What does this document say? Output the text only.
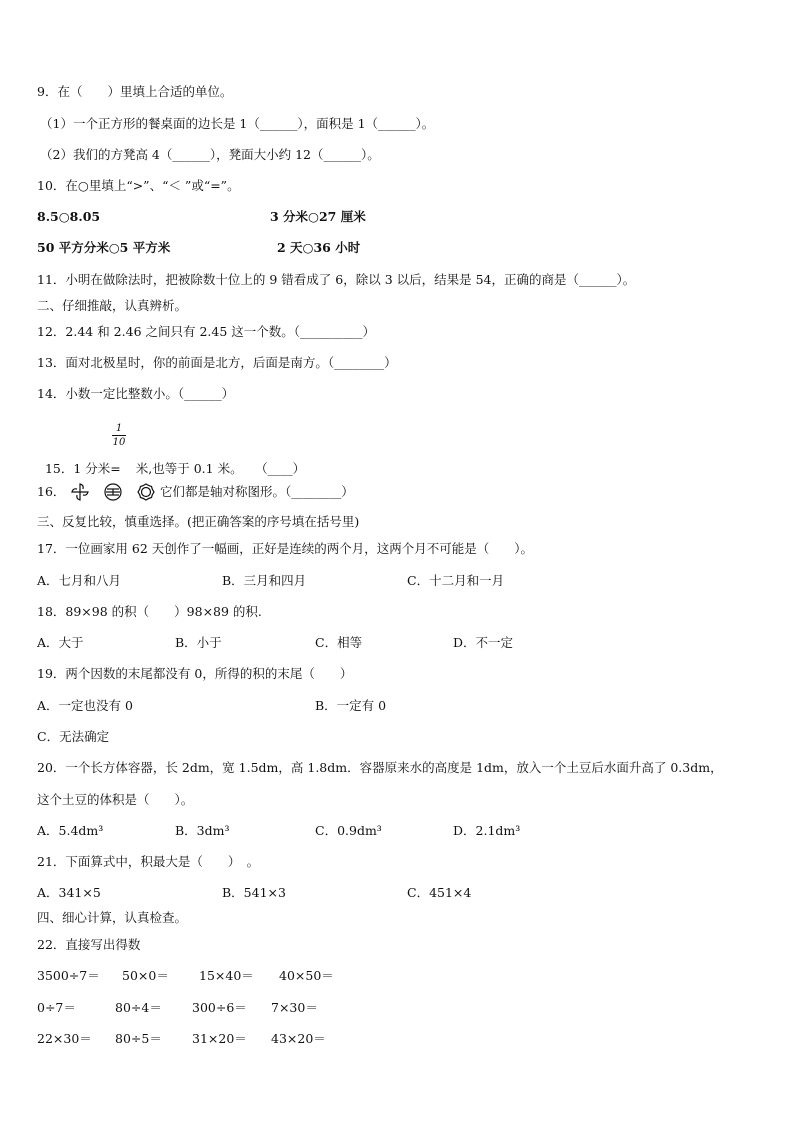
9．在（　　）里填上合适的单位。
（1）一个正方形的餐桌面的边长是 1（______），面积是 1（______）。
（2）我们的方凳高 4（______），凳面大小约 12（______）。
10．在○里填上“>”、“＜ ”或“=”。
8.5○8.05	3 分米○27 厘米
50 平方分米○5 平方米	2 天○36 小时
11．小明在做除法时，把被除数十位上的 9 错看成了 6，除以 3 以后，结果是 54，正确的商是（______）。
二、仔细推敲，认真辨析。
12．2.44 和 2.46 之间只有 2.45 这一个数。（__________）
13．面对北极星时，你的前面是北方，后面是南方。（________）
14．小数一定比整数小。（______）

15．1 分米= 米,也等于 0.1 米。　　（____）

1
10
16．	它们都是轴对称图形。（________）
三、反复比较，慎重选择。(把正确答案的序号填在括号里)
17．一位画家用 62 天创作了一幅画，正好是连续的两个月，这两个月不可能是（　　）。
A．七月和八月	B．三月和四月	C．十二月和一月
18．89×98 的积（　　）98×89 的积.
A．大于	B．小于	C．相等	D．不一定
19．两个因数的末尾都没有 0，所得的积的末尾（　　）
A．一定也没有 0	B．一定有 0
C．无法确定
20．一个长方体容器，长 2dm，宽 1.5dm，高 1.8dm．容器原来水的高度是 1dm，放入一个土豆后水面升高了 0.3dm，
这个土豆的体积是（　　）。
A．5.4dm³	B．3dm³	C．0.9dm³	D．2.1dm³
21．下面算式中，积最大是（　　）　。
A．341×5	B．541×3	C．451×4
四、细心计算，认真检查。
22．直接写出得数
3500÷7＝ 50×0＝ 15×40＝ 40×50＝
0÷7＝	80÷4＝ 300÷6＝ 7×30＝
22×30＝ 80÷5＝ 31×20＝ 43×20＝
